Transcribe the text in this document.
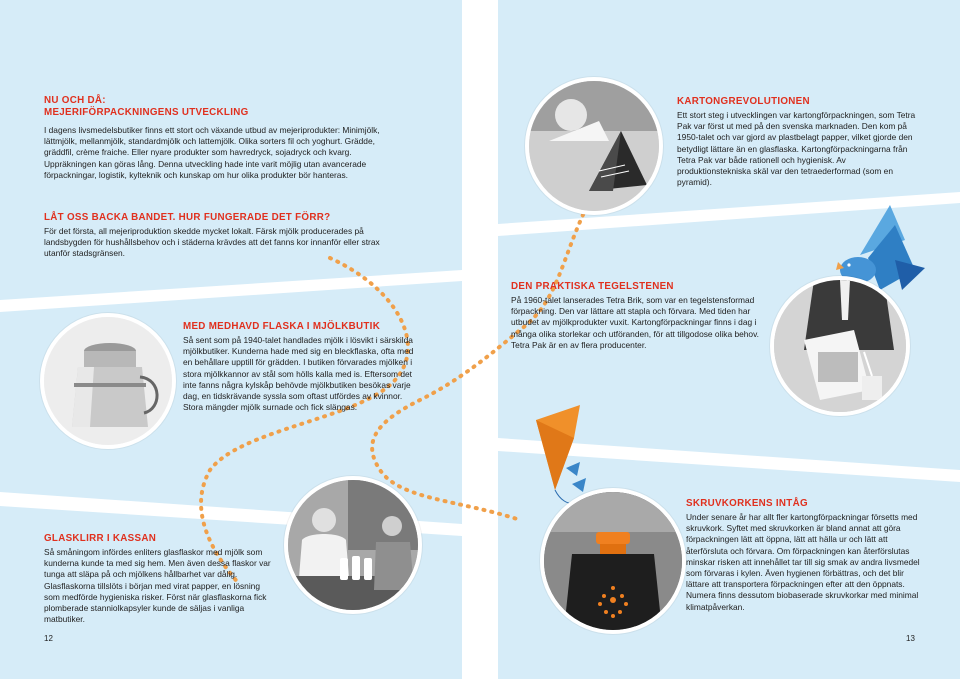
NU OCH DÅ:
MEJERIFÖRPACKNINGENS UTVECKLING

I dagens livsmedelsbutiker finns ett stort och växande utbud av mejeriprodukter: Minimjölk, lättmjölk, mellanmjölk, standardmjölk och lattemjölk. Olika sorters fil och yoghurt. Grädde, gräddfil, crème fraiche. Eller nyare produkter som havredryck, sojadryck och kvarg. Uppräkningen kan göras lång. Denna utveckling hade inte varit möjlig utan avancerade förpackningar, logistik, kylteknik och kunskap om hur olika produkter bör hanteras.

LÅT OSS BACKA BANDET. HUR FUNGERADE DET FÖRR?

För det första, all mejeriproduktion skedde mycket lokalt. Färsk mjölk producerades på landsbygden för hushållsbehov och i städerna krävdes att det fanns kor innanför eller strax utanför stadsgränsen.

MED MEDHAVD FLASKA I MJÖLKBUTIK

Så sent som på 1940-talet handlades mjölk i lösvikt i särskilda mjölkbutiker. Kunderna hade med sig en bleckflaska, ofta med en behållare upptill för grädden. I butiken förvarades mjölken i stora mjölkkannor av stål som hölls kalla med is. Eftersom det inte fanns några kylskåp behövde mjölkbutiken besökas varje dag, en tidskrävande syssla som oftast utfördes av kvinnor. Stora mängder mjölk surnade och fick slängas.

GLASKLIRR I KASSAN

Så småningom infördes enliters glasflaskor med mjölk som kunderna kunde ta med sig hem. Men även dessa flaskor var tunga att släpa på och mjölkens hållbarhet var dålig. Glasflaskorna tillslöts i början med virat papper, en lösning som medförde hygieniska risker. Först när glasflaskorna fick plomberade stanniolkapsyler kunde de säljas i vanliga matbutiker.

12
KARTONGREVOLUTIONEN

Ett stort steg i utvecklingen var kartongförpackningen, som Tetra Pak var först ut med på den svenska marknaden. Den kom på 1950-talet och var gjord av plastbelagt papper, vilket gjorde den betydligt lättare än en glasflaska. Kartongförpackningarna från Tetra Pak var både rationell och hygienisk. Av produktionstekniska skäl var den tetraederformad (som en pyramid).

DEN PRAKTISKA TEGELSTENEN

På 1960-talet lanserades Tetra Brik, som var en tegelstensformad förpackning. Den var lättare att stapla och förvara. Med tiden har utbudet av mjölkprodukter vuxit. Kartongförpackningar finns i dag i många olika storlekar och utföranden, för att tillgodose olika behov. Tetra Pak är en av flera producenter.

SKRUVKORKENS INTÅG

Under senare år har allt fler kartongförpackningar försetts med skruvkork. Syftet med skruvkorken är bland annat att göra förpackningen lätt att öppna, lätt att hälla ur och lätt att återförsluta och förvara. Om förpackningen kan återförslutas minskar risken att innehållet tar till sig smak av andra livsmedel som förvaras i kylen. Även hygienen förbättras, och det blir lättare att transportera förpackningen efter att den öppnats. Numera finns dessutom biobaserade skruvkorkar med minimal klimatpåverkan.

13
